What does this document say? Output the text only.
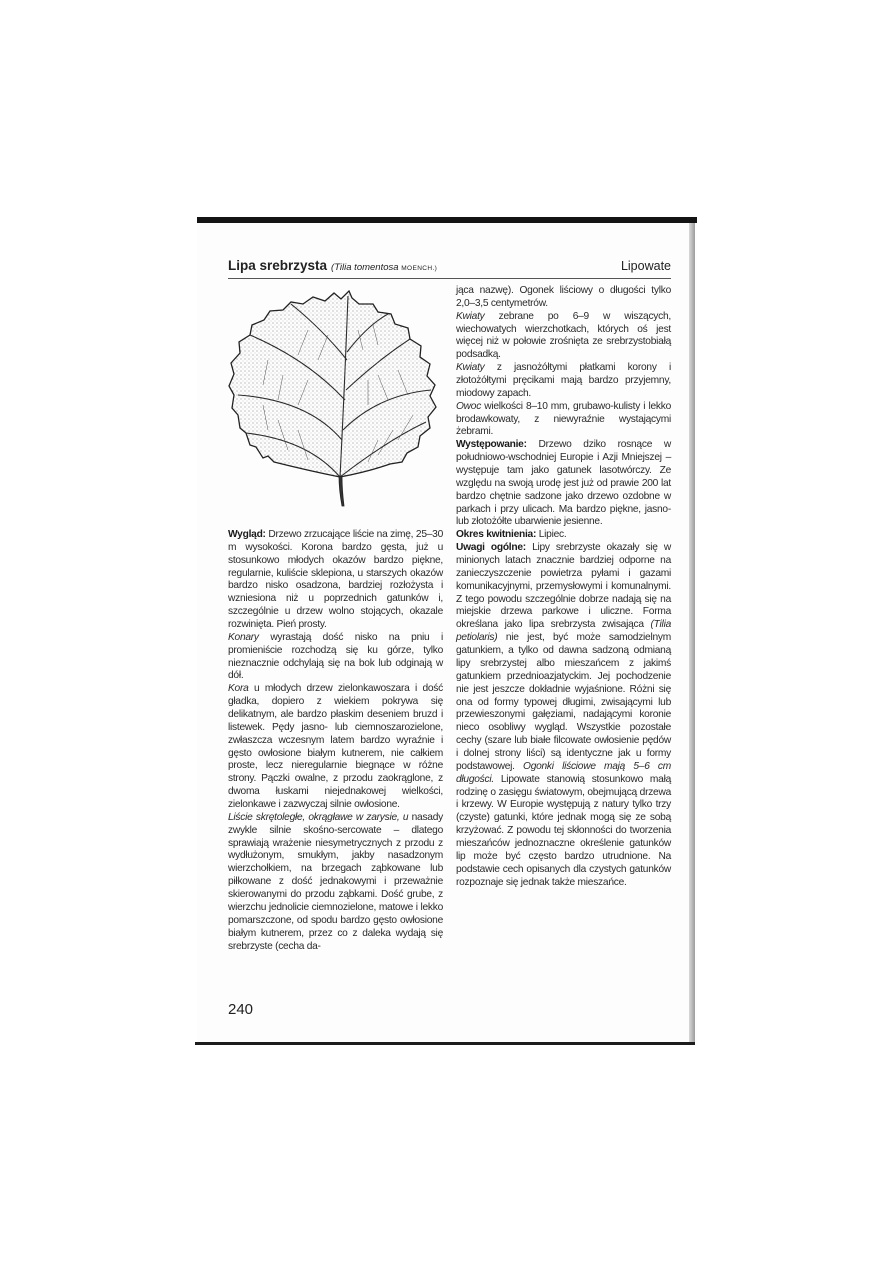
Lipa srebrzysta (Tilia tomentosa MOENCH.)	Lipowate

Wygląd: Drzewo zrzucające liście na zimę, 25–30 m wysokości. Korona bardzo gęsta, już u stosunkowo młodych okazów bardzo piękne, regularnie, kuliście sklepiona, u starszych okazów bardzo nisko osadzona, bardziej rozłożysta i wzniesiona niż u poprzednich gatunków i, szczególnie u drzew wolno stojących, okazale rozwinięta. Pień prosty.

Konary wyrastają dość nisko na pniu i promieniście rozchodzą się ku górze, tylko nieznacznie odchylają się na bok lub odginają w dół.

Kora u młodych drzew zielonkawoszara i dość gładka, dopiero z wiekiem pokrywa się delikatnym, ale bardzo płaskim deseniem bruzd i listewek. Pędy jasno- lub ciemnoszarozielone, zwłaszcza wczesnym latem bardzo wyraźnie i gęsto owłosione białym kutnerem, nie całkiem proste, lecz nieregularnie biegnące w różne strony. Pączki owalne, z przodu zaokrąglone, z dwoma łuskami niejednakowej wielkości, zielonkawe i zazwyczaj silnie owłosione.

Liście skrętoległe, okrągławe w zarysie, u nasady zwykle silnie skośno-sercowate – dlatego sprawiają wrażenie niesymetrycznych z przodu z wydłużonym, smukłym, jakby nasadzonym wierzchołkiem, na brzegach ząbkowane lub piłkowane z dość jednakowymi i przeważnie skierowanymi do przodu ząbkami. Dość grube, z wierzchu jednolicie ciemnozielone, matowe i lekko pomarszczone, od spodu bardzo gęsto owłosione białym kutnerem, przez co z daleka wydają się srebrzyste (cecha da-

jąca nazwę). Ogonek liściowy o długości tylko 2,0–3,5 centymetrów.

Kwiaty zebrane po 6–9 w wiszących, wiechowatych wierzchotkach, których oś jest więcej niż w połowie zrośnięta ze srebrzystobiałą podsadką.

Kwiaty z jasnożółtymi płatkami korony i złotożółtymi pręcikami mają bardzo przyjemny, miodowy zapach.

Owoc wielkości 8–10 mm, grubawo-kulisty i lekko brodawkowaty, z niewyraźnie wystającymi żebrami.

Występowanie: Drzewo dziko rosnące w południowo-wschodniej Europie i Azji Mniejszej – występuje tam jako gatunek lasotwórczy. Ze względu na swoją urodę jest już od prawie 200 lat bardzo chętnie sadzone jako drzewo ozdobne w parkach i przy ulicach. Ma bardzo piękne, jasno- lub złotożółte ubarwienie jesienne.

Okres kwitnienia: Lipiec.

Uwagi ogólne: Lipy srebrzyste okazały się w minionych latach znacznie bardziej odporne na zanieczyszczenie powietrza pyłami i gazami komunikacyjnymi, przemysłowymi i komunalnymi. Z tego powodu szczególnie dobrze nadają się na miejskie drzewa parkowe i uliczne. Forma określana jako lipa srebrzysta zwisająca (Tilia petiolaris) nie jest, być może samodzielnym gatunkiem, a tylko od dawna sadzoną odmianą lipy srebrzystej albo mieszańcem z jakimś gatunkiem przednioazjatyckim. Jej pochodzenie nie jest jeszcze dokładnie wyjaśnione. Różni się ona od formy typowej długimi, zwisającymi lub przewieszonymi gałęziami, nadającymi koronie nieco osobliwy wygląd. Wszystkie pozostałe cechy (szare lub białe filcowate owłosienie pędów i dolnej strony liści) są identyczne jak u formy podstawowej. Ogonki liściowe mają 5–6 cm długości. Lipowate stanowią stosunkowo małą rodzinę o zasięgu światowym, obejmującą drzewa i krzewy. W Europie występują z natury tylko trzy (czyste) gatunki, które jednak mogą się ze sobą krzyżować. Z powodu tej skłonności do tworzenia mieszańców jednoznaczne określenie gatunków lip może być często bardzo utrudnione. Na podstawie cech opisanych dla czystych gatunków rozpoznaje się jednak także mieszańce.

240
